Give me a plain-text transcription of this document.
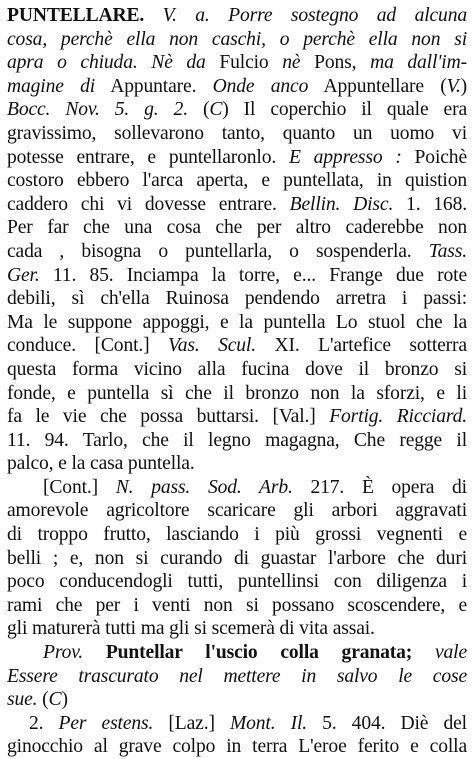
PUNTELLARE. V. a. Porre sostegno ad alcuna
cosa, perchè ella non caschi, o perchè ella non si
apra o chiuda. Nè da Fulcio nè Pons, ma dall'im-
magine di Appuntare. Onde anco Appuntellare (V.)
Bocc. Nov. 5. g. 2. (C) Il coperchio il quale era
gravissimo, sollevarono tanto, quanto un uomo vi
potesse entrare, e puntellaronlo. E appresso : Poichè
costoro ebbero l'arca aperta, e puntellata, in quistion
caddero chi vi dovesse entrare. Bellin. Disc. 1. 168.
Per far che una cosa che per altro caderebbe non
cada , bisogna o puntellarla, o sospenderla. Tass.
Ger. 11. 85. Inciampa la torre, e... Frange due rote
debili, sì ch'ella Ruinosa pendendo arretra i passi:
Ma le suppone appoggi, e la puntella Lo stuol che la
conduce. [Cont.] Vas. Scul. XI. L'artefice sotterra
questa forma vicino alla fucina dove il bronzo si
fonde, e puntella sì che il bronzo non la sforzi, e li
fa le vie che possa buttarsi. [Val.] Fortig. Ricciard.
11. 94. Tarlo, che il legno magagna, Che regge il
palco, e la casa puntella.
[Cont.] N. pass. Sod. Arb. 217. È opera di
amorevole agricoltore scaricare gli arbori aggravati
di troppo frutto, lasciando i più grossi vegnenti e
belli ; e, non si curando di guastar l'arbore che duri
poco conducendogli tutti, puntellinsi con diligenza i
rami che per i venti non si possano scoscendere, e
gli maturerà tutti ma gli si scemerà di vita assai.
Prov. Puntellar l'uscio colla granata; vale
Essere trascurato nel mettere in salvo le cose
sue. (C)
2. Per estens. [Laz.] Mont. Il. 5. 404. Diè del
ginocchio al grave colpo in terra L'eroe ferito e colla
